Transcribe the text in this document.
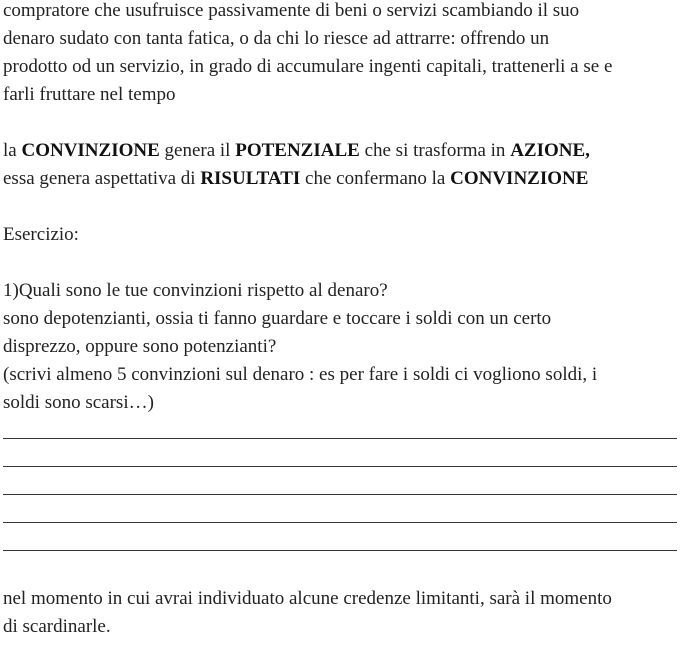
compratore che usufruisce passivamente di beni o servizi scambiando il suo

denaro sudato con tanta fatica, o da chi lo riesce ad attrarre: offrendo un

prodotto od un servizio, in grado di accumulare ingenti capitali, trattenerli a se e

farli fruttare nel tempo

la CONVINZIONE genera il POTENZIALE che si trasforma in AZIONE,

essa genera aspettativa di RISULTATI che confermano la CONVINZIONE

Esercizio:

1)Quali sono le tue convinzioni rispetto al denaro?

sono depotenzianti, ossia ti fanno guardare e toccare i soldi con un certo

disprezzo, oppure sono potenzianti?

(scrivi almeno 5 convinzioni sul denaro : es per fare i soldi ci vogliono soldi, i

soldi sono scarsi…)

nel momento in cui avrai individuato alcune credenze limitanti, sarà il momento

di scardinarle.
